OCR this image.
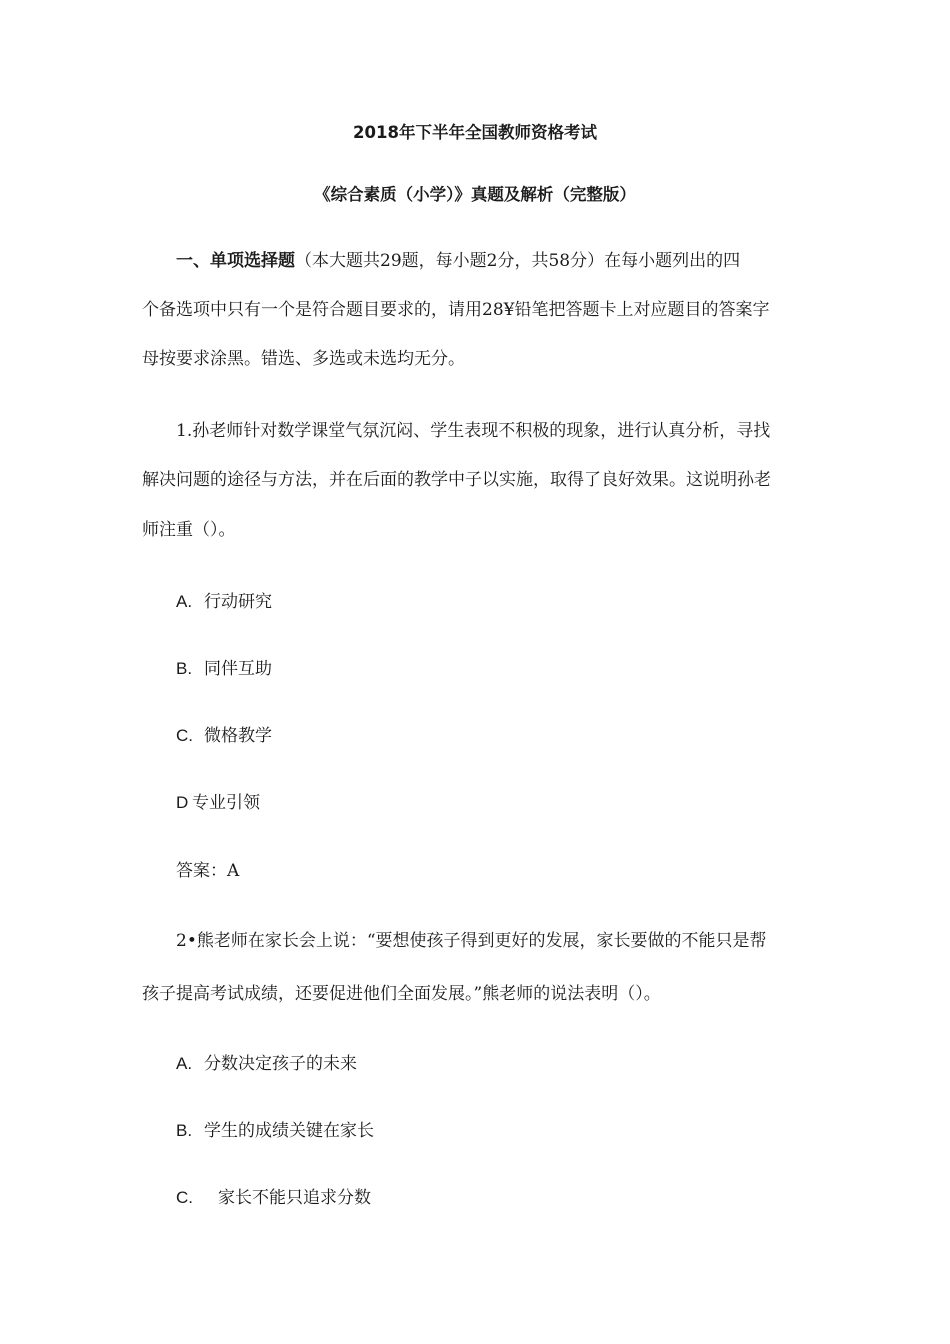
2018年下半年全国教师资格考试
《综合素质（小学）》真题及解析（完整版）
一、单项选择题（本大题共29题，每小题2分，共58分）在每小题列出的四
个备选项中只有一个是符合题目要求的，请用28¥铅笔把答题卡上对应题目的答案字
母按要求涂黑。错选、多选或未选均无分。
1.孙老师针对数学课堂气氛沉闷、学生表现不积极的现象，进行认真分析，寻找
解决问题的途径与方法，并在后面的教学中子以实施，取得了良好效果。这说明孙老
师注重（）。
A. 行动研究
B. 同伴互助
C. 微格教学
D 专业引领
答案：A
2•熊老师在家长会上说：“要想使孩子得到更好的发展，家长要做的不能只是帮
孩子提高考试成绩，还要促进他们全面发展。”熊老师的说法表明（）。
A. 分数决定孩子的未来
B. 学生的成绩关键在家长
C. 家长不能只追求分数
